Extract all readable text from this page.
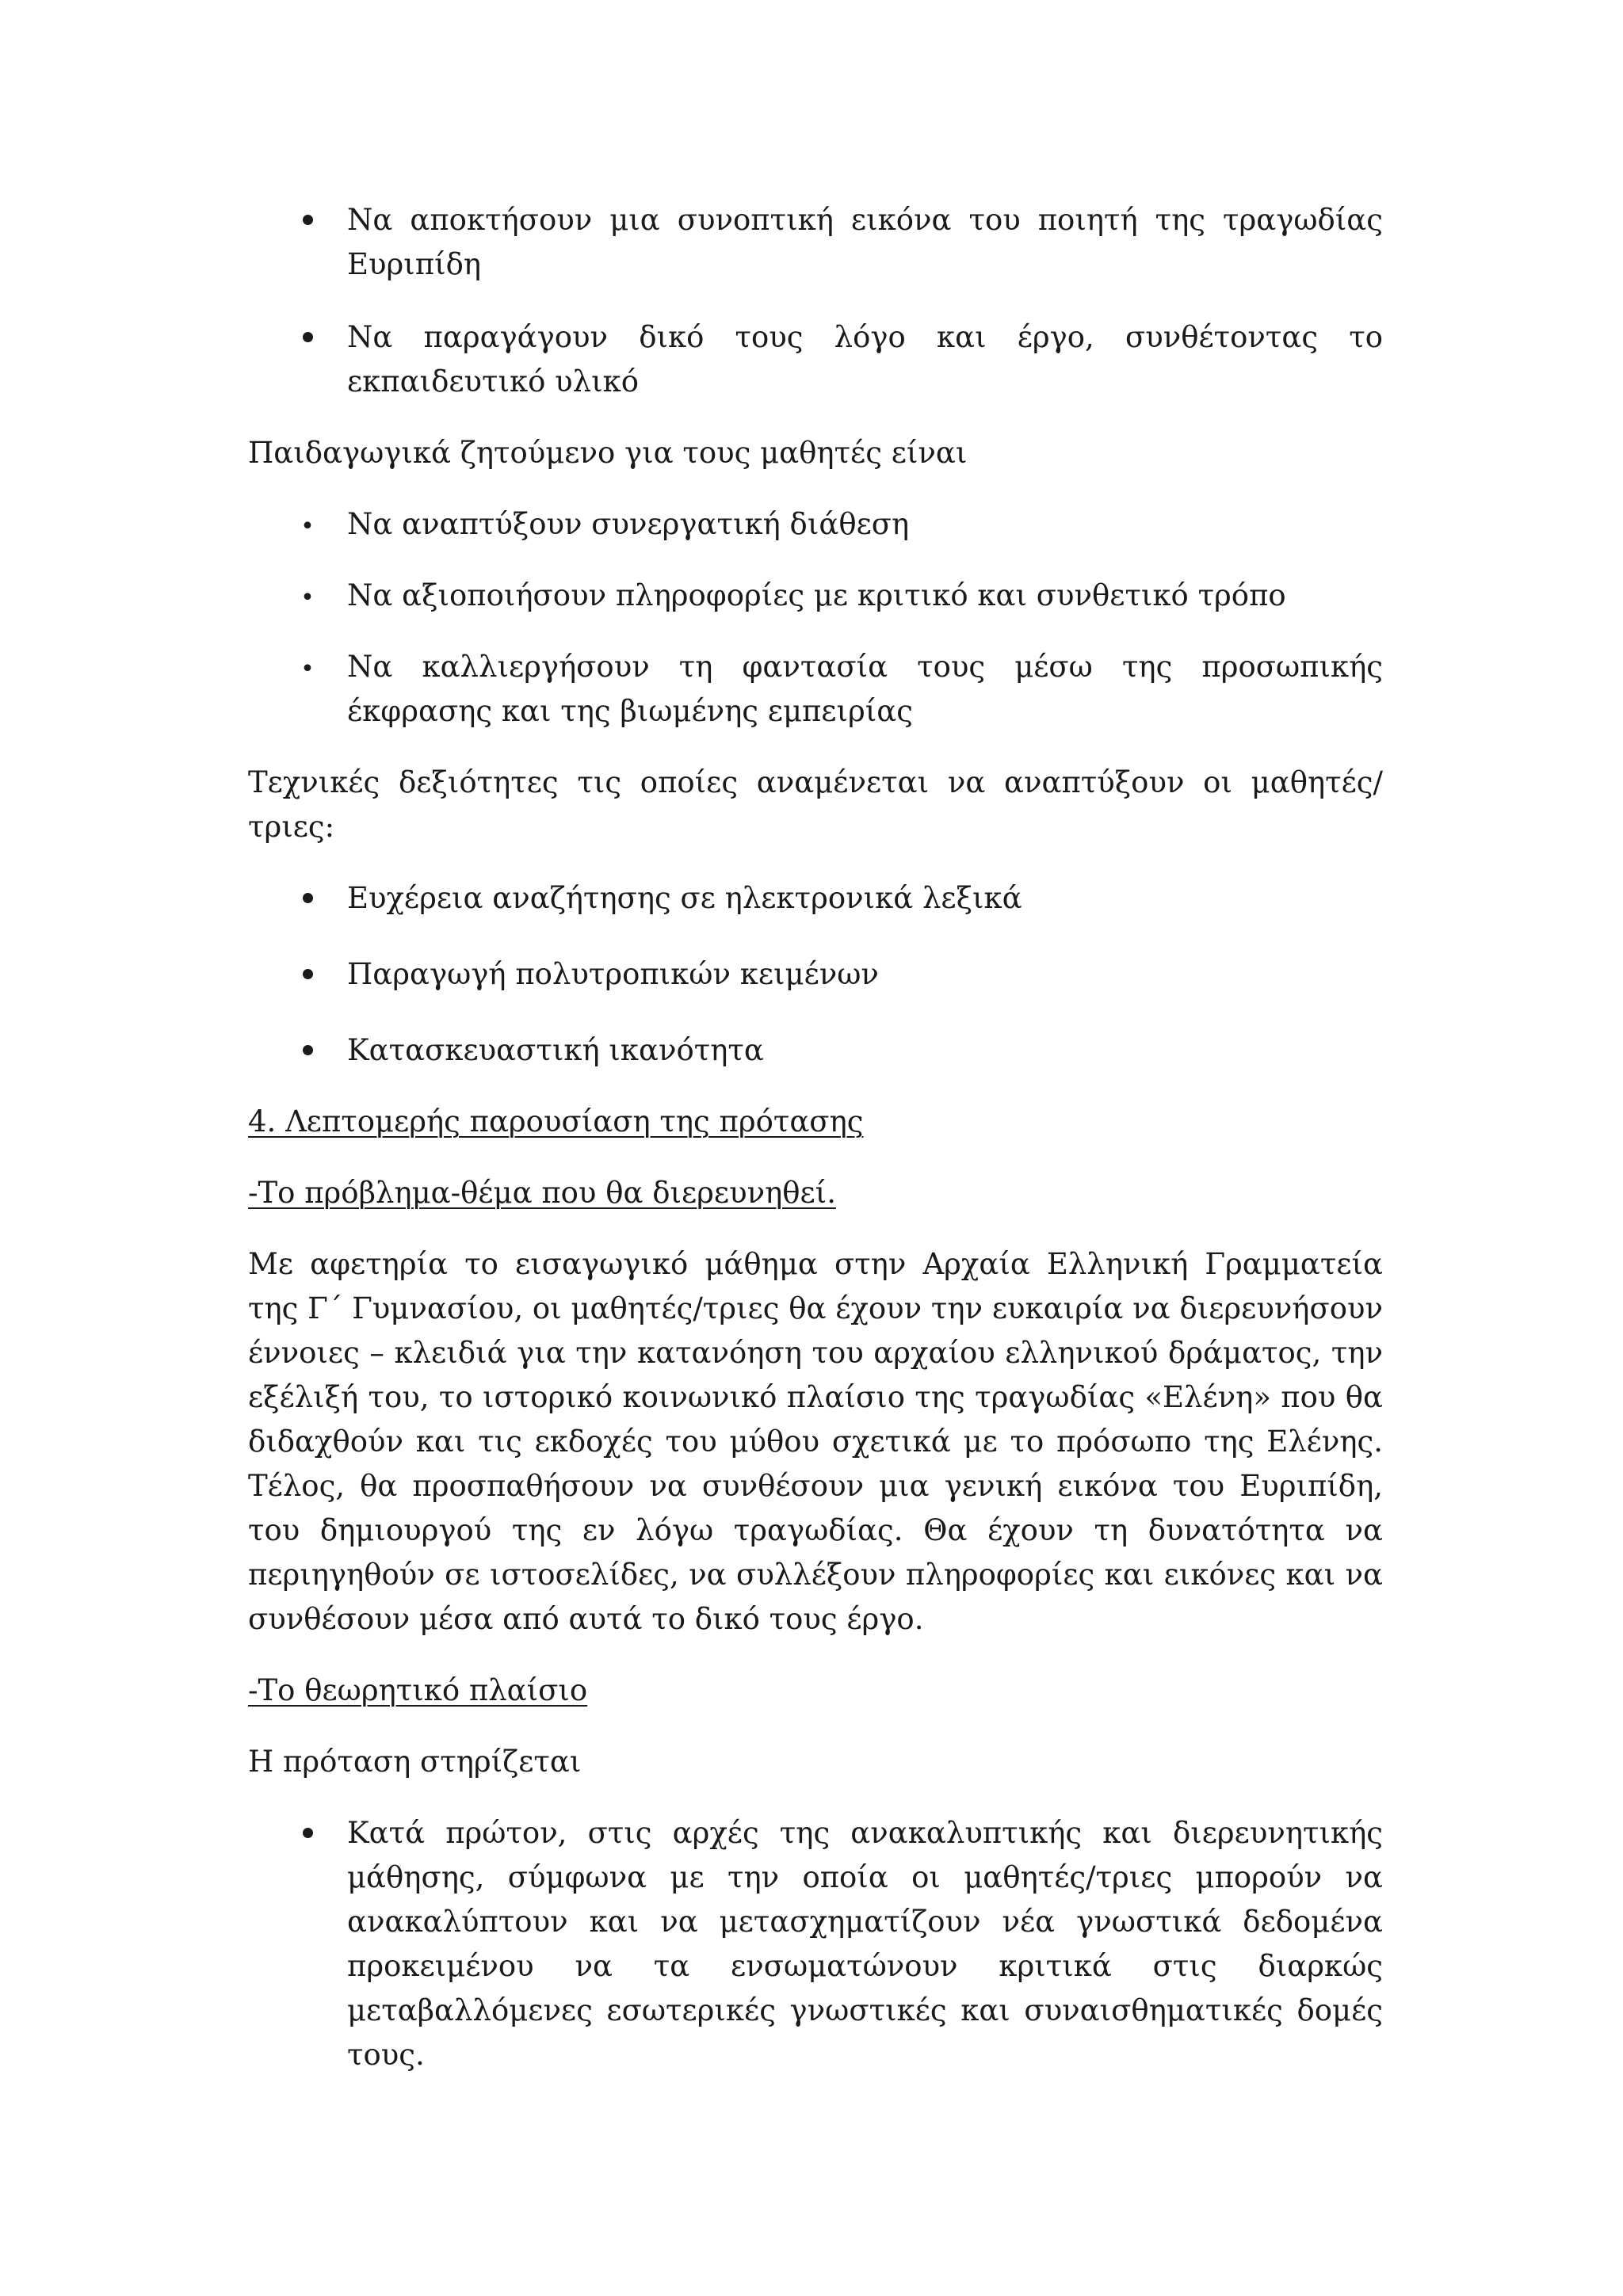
Να αποκτήσουν μια συνοπτική εικόνα του ποιητή της τραγωδίας Ευριπίδη
Να παραγάγουν δικό τους λόγο και έργο, συνθέτοντας το εκπαιδευτικό υλικό

Παιδαγωγικά ζητούμενο για τους μαθητές είναι

•
Να αναπτύξουν συνεργατική διάθεση
•
Να αξιοποιήσουν πληροφορίες με κριτικό και συνθετικό τρόπο
•
Να καλλιεργήσουν τη φαντασία τους μέσω της προσωπικής έκφρασης και της βιωμένης εμπειρίας

Τεχνικές δεξιότητες τις οποίες αναμένεται να αναπτύξουν οι μαθητές/τριες:

Ευχέρεια αναζήτησης σε ηλεκτρονικά λεξικά
Παραγωγή πολυτροπικών κειμένων
Κατασκευαστική ικανότητα

4. Λεπτομερής παρουσίαση της πρότασης

-Το πρόβλημα-θέμα που θα διερευνηθεί.

Με αφετηρία το εισαγωγικό μάθημα στην Αρχαία Ελληνική Γραμματεία της Γ΄ Γυμνασίου, οι μαθητές/τριες θα έχουν την ευκαιρία να διερευνήσουν έννοιες – κλειδιά για την κατανόηση του αρχαίου ελληνικού δράματος, την εξέλιξή του, το ιστορικό κοινωνικό πλαίσιο της τραγωδίας «Ελένη» που θα διδαχθούν και τις εκδοχές του μύθου σχετικά με το πρόσωπο της Ελένης. Τέλος, θα προσπαθήσουν να συνθέσουν μια γενική εικόνα του Ευριπίδη, του δημιουργού της εν λόγω τραγωδίας. Θα έχουν τη δυνατότητα να περιηγηθούν σε ιστοσελίδες, να συλλέξουν πληροφορίες και εικόνες και να συνθέσουν μέσα από αυτά το δικό τους έργο.

-Το θεωρητικό πλαίσιο

Η πρόταση στηρίζεται

Κατά πρώτον, στις αρχές της ανακαλυπτικής και διερευνητικής μάθησης, σύμφωνα με την οποία οι μαθητές/τριες μπορούν να ανακαλύπτουν και να μετασχηματίζουν νέα γνωστικά δεδομένα προκειμένου να τα ενσωματώνουν κριτικά στις διαρκώς μεταβαλλόμενες εσωτερικές γνωστικές και συναισθηματικές δομές τους.
